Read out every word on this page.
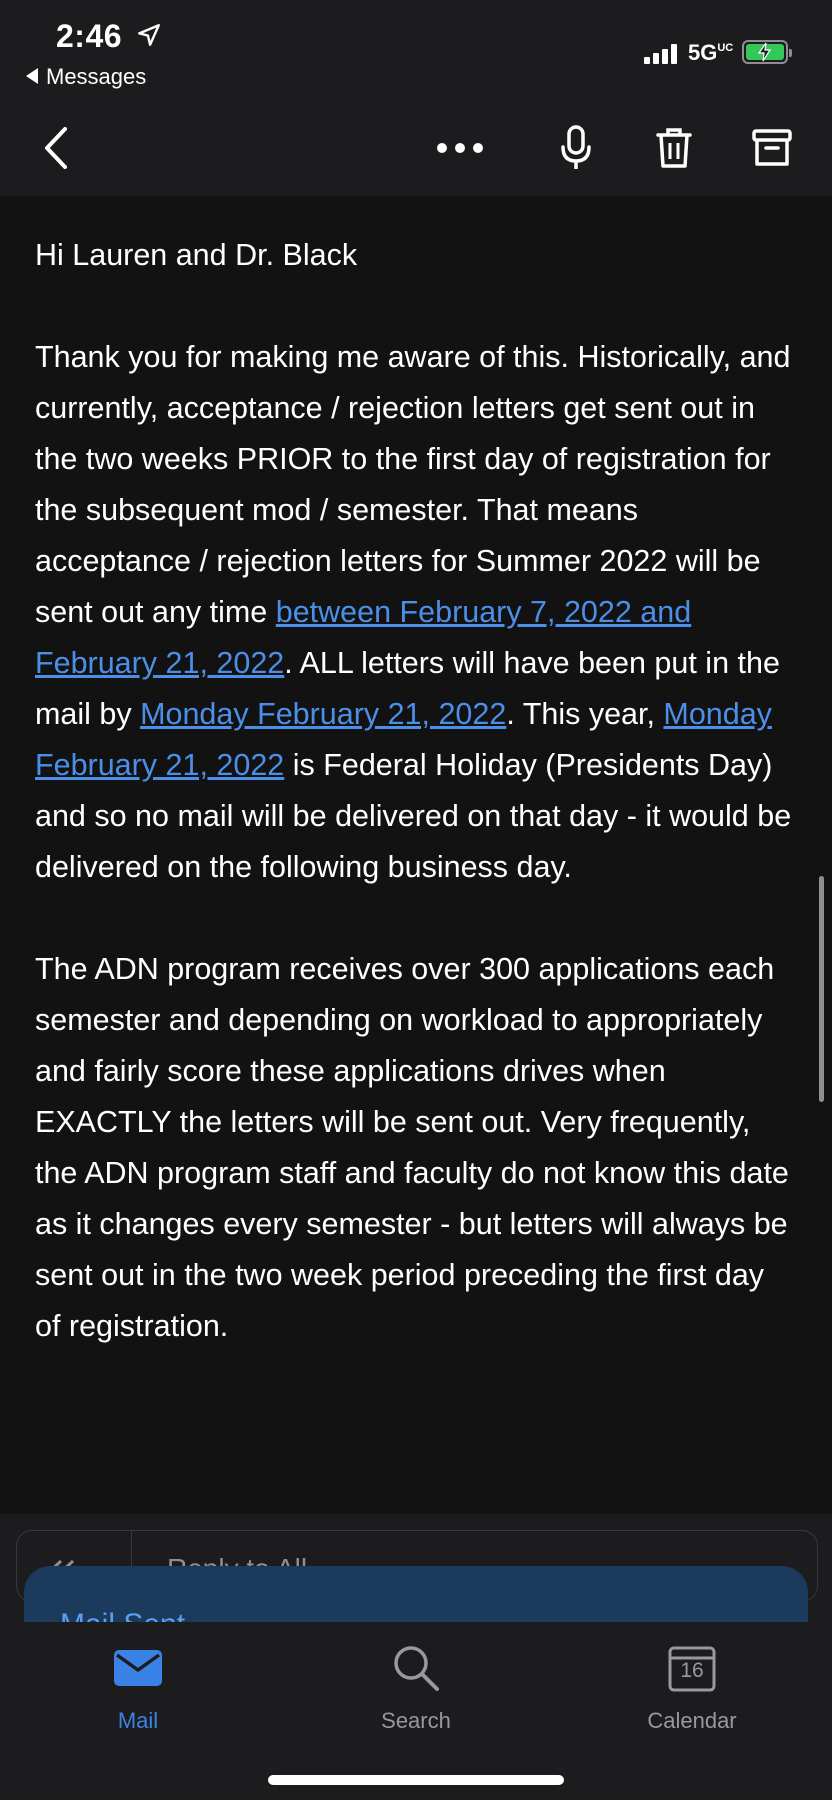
2:46
Messages
5GUC

Hi Lauren and Dr. Black

Thank you for making me aware of this. Historically, and currently, acceptance / rejection letters get sent out in the two weeks PRIOR to the first day of registration for the subsequent mod / semester. That means acceptance / rejection letters for Summer 2022 will be sent out any time between February 7, 2022 and February 21, 2022. ALL letters will have been put in the mail by Monday February 21, 2022. This year, Monday February 21, 2022 is Federal Holiday (Presidents Day) and so no mail will be delivered on that day - it would be delivered on the following business day.

The ADN program receives over 300 applications each semester and depending on workload to appropriately and fairly score these applications drives when EXACTLY the letters will be sent out. Very frequently, the ADN program staff and faculty do not know this date as it changes every semester - but letters will always be sent out in the two week period preceding the first day of registration.

Mail	Search
16
Calendar
